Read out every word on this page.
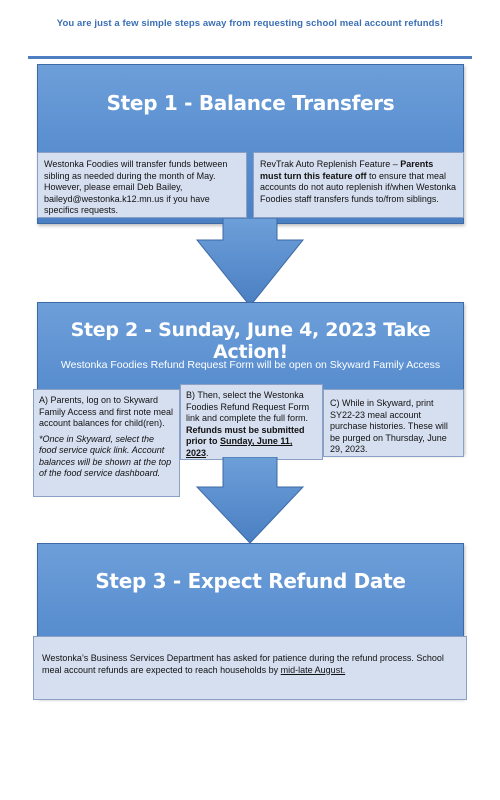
You are just a few simple steps away from requesting school meal account refunds!
Step 1 - Balance Transfers
Westonka Foodies will transfer funds between sibling as needed during the month of May. However, please email Deb Bailey, baileyd@westonka.k12.mn.us if you have specifics requests.
RevTrak Auto Replenish Feature – Parents must turn this feature off to ensure that meal accounts do not auto replenish if/when Westonka Foodies staff transfers funds to/from siblings.
Step 2 - Sunday, June 4, 2023 Take Action!
Westonka Foodies Refund Request Form will be open on Skyward Family Access
A) Parents, log on to Skyward Family Access and first note meal account balances for child(ren).
*Once in Skyward, select the food service quick link. Account balances will be shown at the top of the food service dashboard.
B) Then, select the Westonka Foodies Refund Request Form link and complete the full form. Refunds must be submitted prior to Sunday, June 11, 2023.
C) While in Skyward, print SY22-23 meal account purchase histories. These will be purged on Thursday, June 29, 2023.
Step 3 - Expect Refund Date
Westonka’s Business Services Department has asked for patience during the refund process. School meal account refunds are expected to reach households by mid-late August.
